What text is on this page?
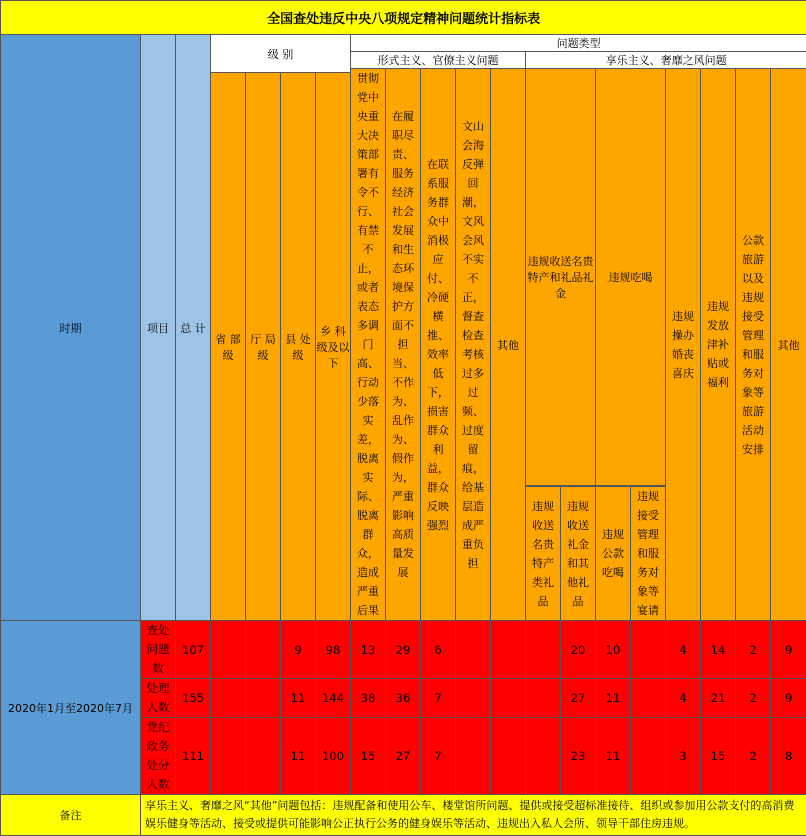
全国查处违反中央八项规定精神问题统计指标表																			
时期	项目	总 计	级 别				问题类型												
							形式主义、官僚主义问题					享乐主义、奢靡之风问题							
							贯彻党中央重大决策部署有令不行、有禁不止，或者表态多调门高、行动少落实差，脱离实际、脱离群众，造成严重后果	在履职尽责、服务经济社会发展和生态环境保护方面不担当、不作为、乱作为、假作为，严重影响高质量发展	在联系服务群众中消极应付、冷硬横推、效率低下，损害群众利益，群众反映强烈	文山会海反弹回潮，文风会风不实不正，督查检查考核过多过频、过度留痕，给基层造成严重负担	其他	违规收送名贵特产和礼品礼金		违规吃喝		违规操办婚丧喜庆	违规发放津补贴或福利	公款旅游以及违规接受管理和服务对象等旅游活动安排	其他
			省 部级	厅 局级	县 处级	乡 科级及以下													

												违规收送名贵特产类礼品	违规收送礼金和其他礼品	违规公款吃喝	违规接受管理和服务对象等宴请				
2020年1月至2020年7月	查处问题数	107			9	98	13	29	6				20	10		4	14	2	9
	处理人数	155			11	144	38	36	7				27	11		4	21	2	9
	党纪政务处分人数	111			11	100	15	27	7				23	11		3	15	2	8
备注	享乐主义、奢靡之风“其他”问题包括：违规配备和使用公车、楼堂馆所问题、提供或接受超标准接待、组织或参加用公款支付的高消费娱乐健身等活动、接受或提供可能影响公正执行公务的健身娱乐等活动、违规出入私人会所、领导干部住房违规。																		
